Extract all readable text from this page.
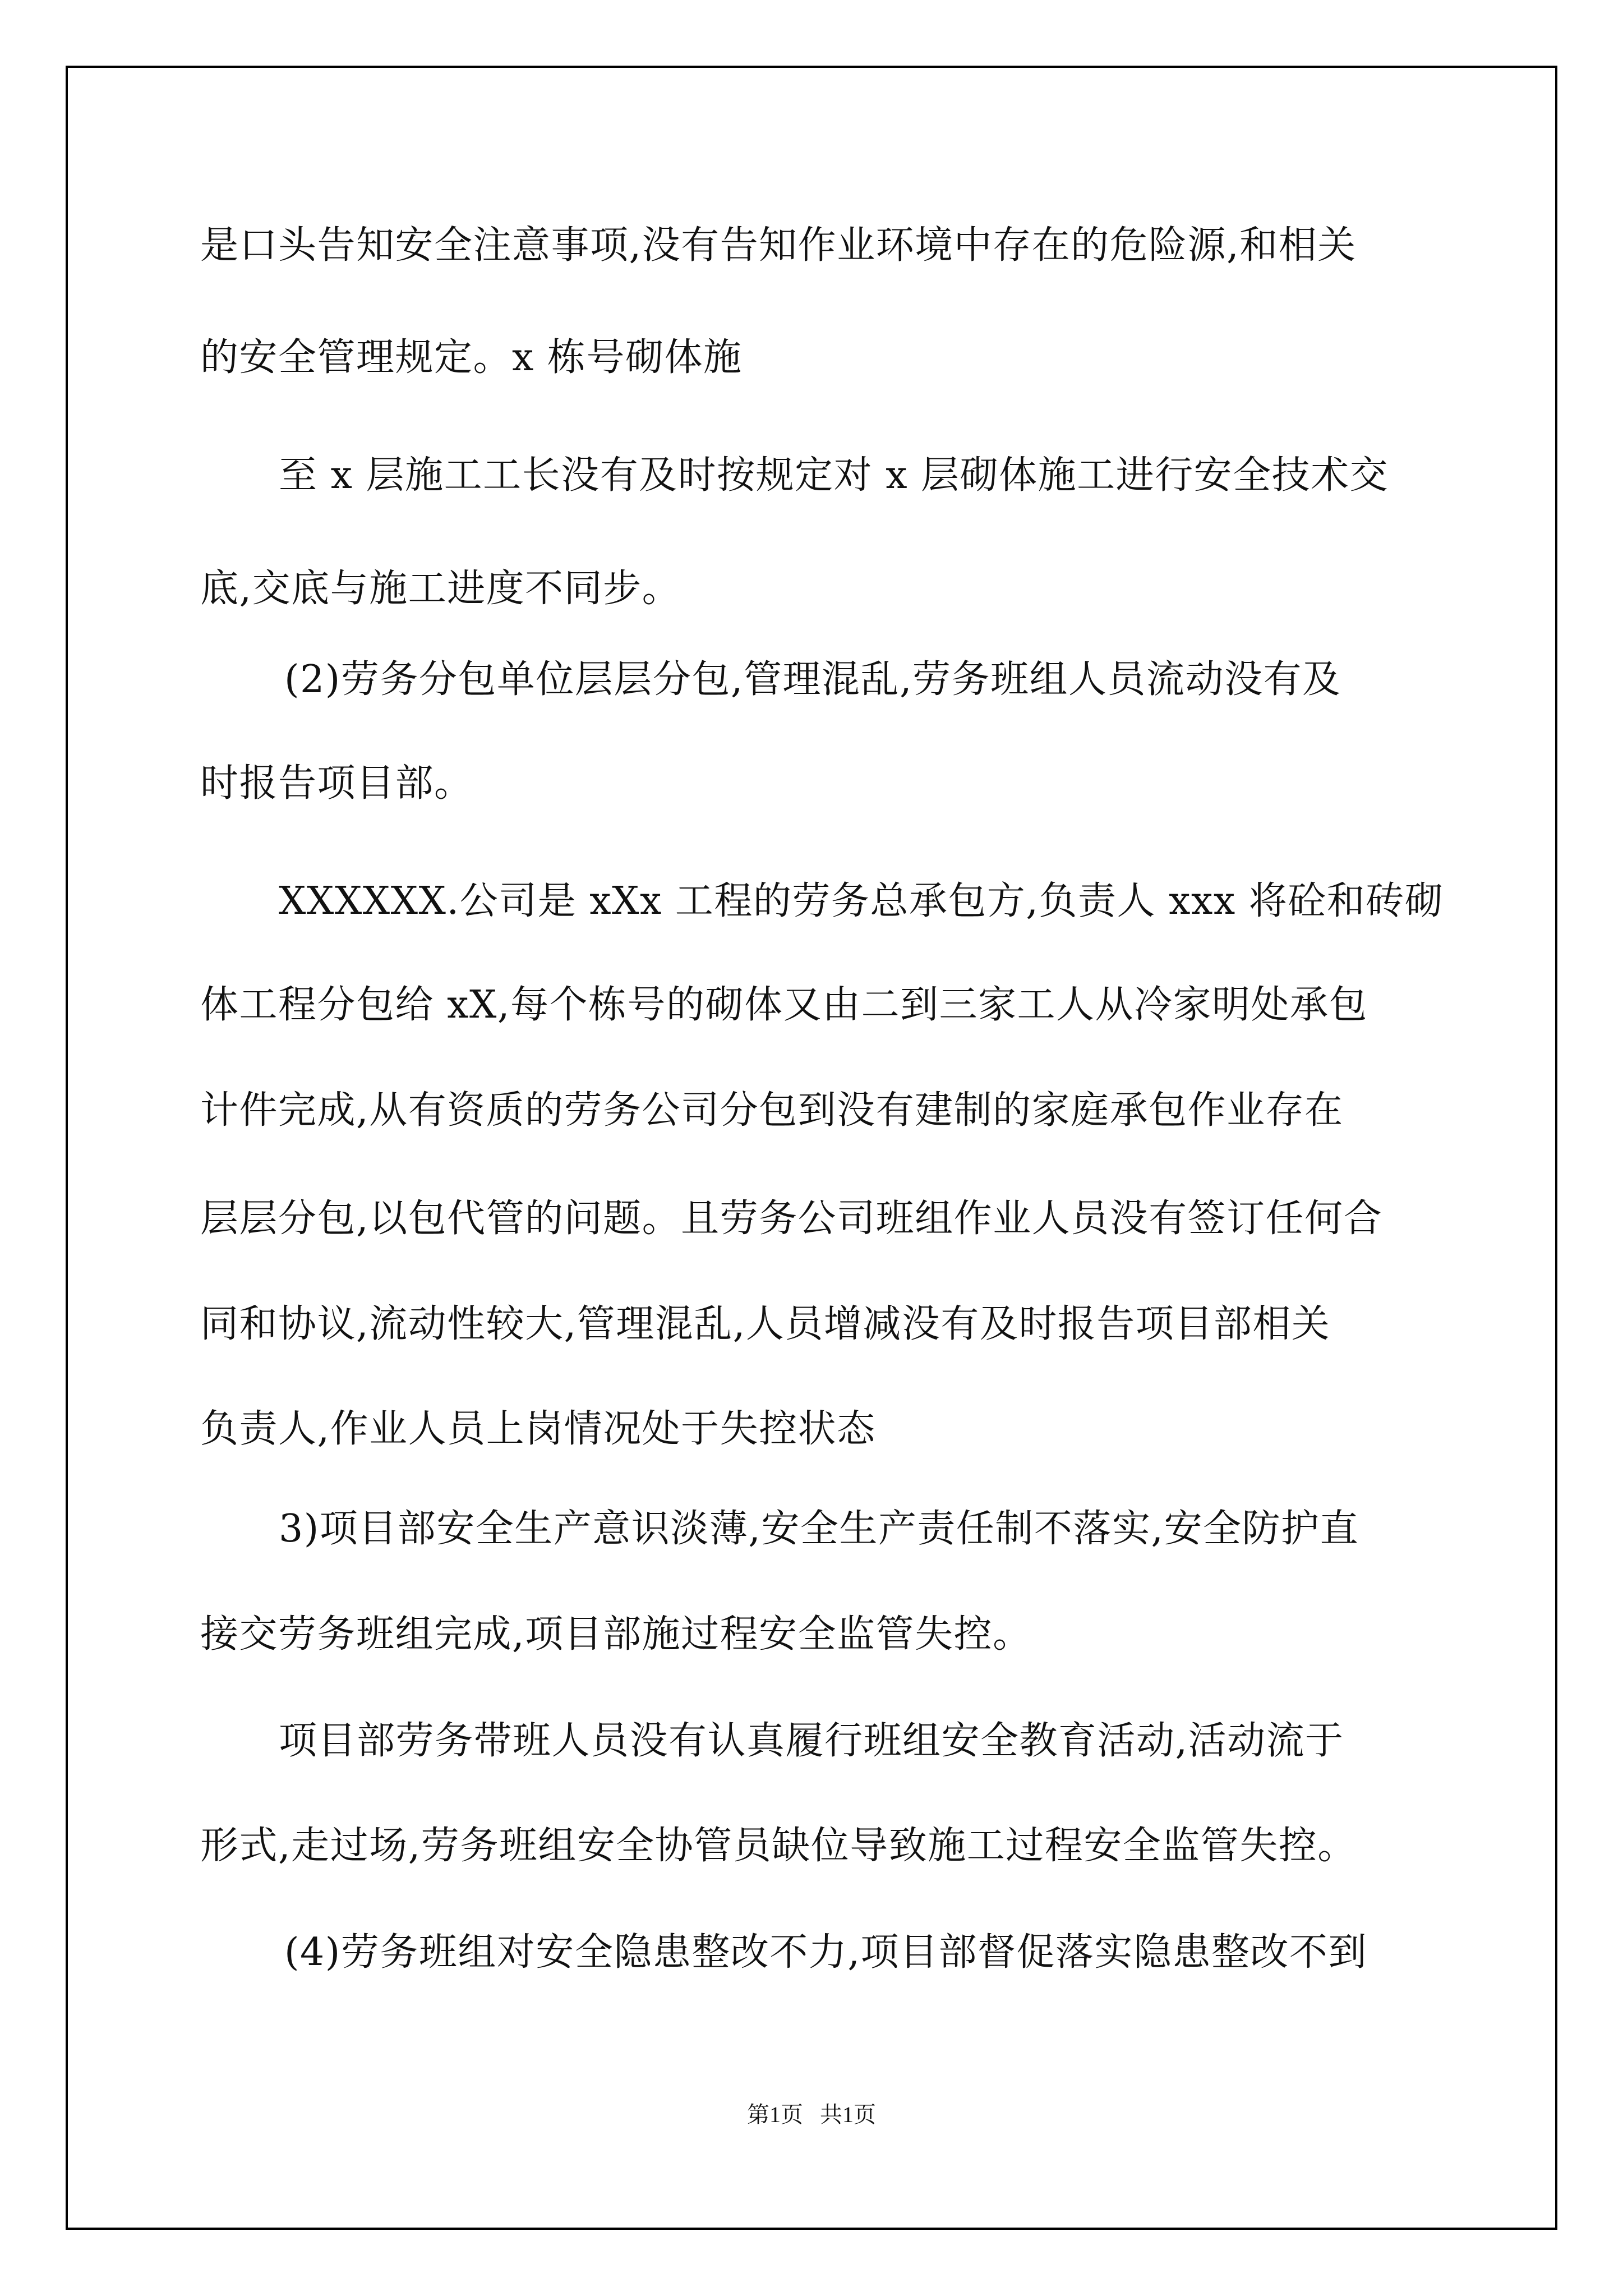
是口头告知安全注意事项,没有告知作业环境中存在的危险源,和相关
的安全管理规定。x 栋号砌体施
至 x 层施工工长没有及时按规定对 x 层砌体施工进行安全技术交
底,交底与施工进度不同步。
(2)劳务分包单位层层分包,管理混乱,劳务班组人员流动没有及
时报告项目部。
XXXXXX.公司是 xXx 工程的劳务总承包方,负责人 xxx 将砼和砖砌
体工程分包给 xX,每个栋号的砌体又由二到三家工人从冷家明处承包
计件完成,从有资质的劳务公司分包到没有建制的家庭承包作业存在
层层分包,以包代管的问题。且劳务公司班组作业人员没有签订任何合
同和协议,流动性较大,管理混乱,人员增减没有及时报告项目部相关
负责人,作业人员上岗情况处于失控状态
3)项目部安全生产意识淡薄,安全生产责任制不落实,安全防护直
接交劳务班组完成,项目部施过程安全监管失控。
项目部劳务带班人员没有认真履行班组安全教育活动,活动流于
形式,走过场,劳务班组安全协管员缺位导致施工过程安全监管失控。
(4)劳务班组对安全隐患整改不力,项目部督促落实隐患整改不到
第1页   共1页
